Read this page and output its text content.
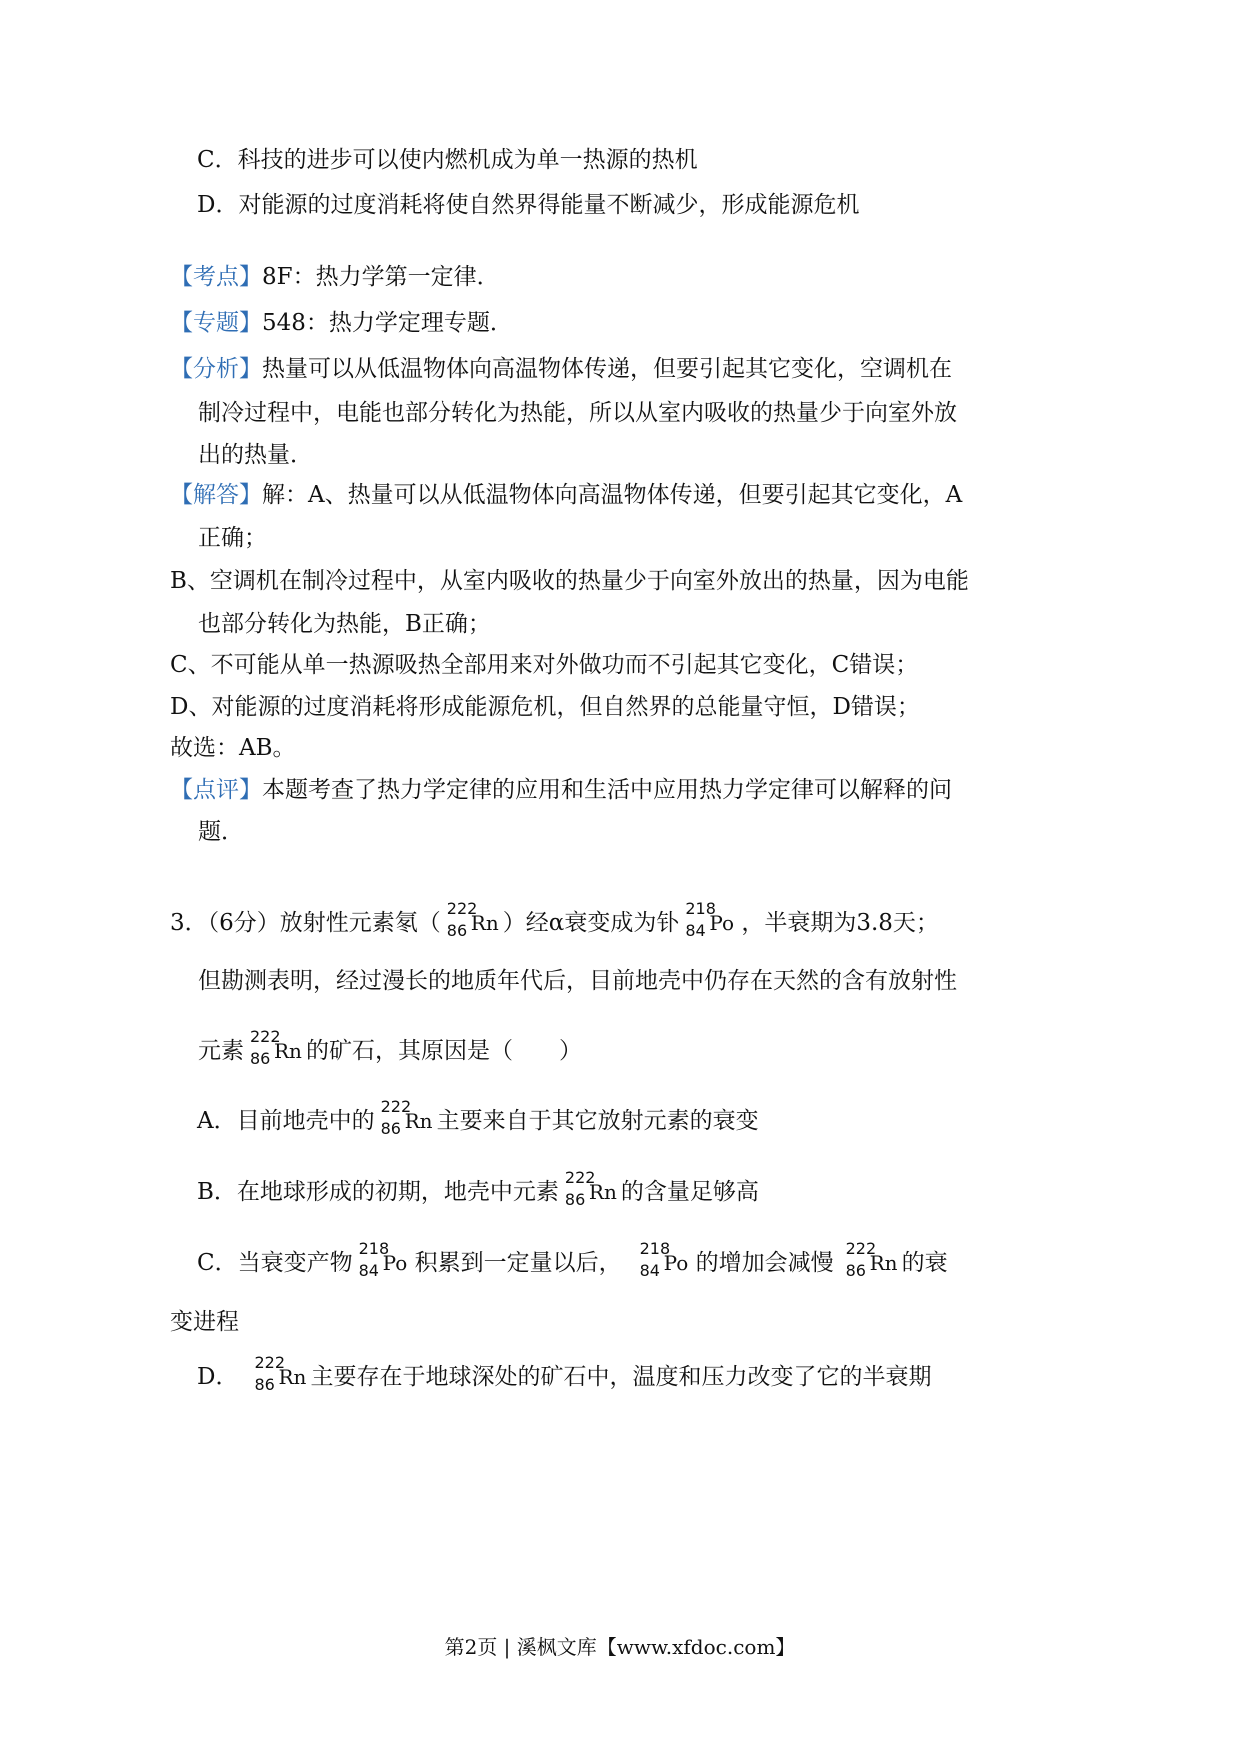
C．科技的进步可以使内燃机成为单一热源的热机
D．对能源的过度消耗将使自然界得能量不断减少，形成能源危机
【考点】8F：热力学第一定律．
【专题】548：热力学定理专题．
【分析】热量可以从低温物体向高温物体传递，但要引起其它变化，空调机在
制冷过程中，电能也部分转化为热能，所以从室内吸收的热量少于向室外放
出的热量．
【解答】解：A、热量可以从低温物体向高温物体传递，但要引起其它变化，A
正确；
B、空调机在制冷过程中，从室内吸收的热量少于向室外放出的热量，因为电能
也部分转化为热能，B正确；
C、不可能从单一热源吸热全部用来对外做功而不引起其它变化，C错误；
D、对能源的过度消耗将形成能源危机，但自然界的总能量守恒，D错误；
故选：AB。
【点评】本题考查了热力学定律的应用和生活中应用热力学定律可以解释的问
题．
3．（6分）放射性元素氡（
222
86 Rn ）经α衰变成为钋
218
84 Po ，半衰期为3.8天；
但勘测表明，经过漫长的地质年代后，目前地壳中仍存在天然的含有放射性
元素
222
86 Rn 的矿石，其原因是（　　）
A．目前地壳中的
222
86 Rn 主要来自于其它放射元素的衰变
B．在地球形成的初期，地壳中元素
222
86 Rn 的含量足够高
C．当衰变产物
218
84 Po 积累到一定量以后，
218
84 Po 的增加会减慢
222
86 Rn 的衰
变进程
D．
222
86 Rn 主要存在于地球深处的矿石中，温度和压力改变了它的半衰期
第2页 | 溪枫文库【www.xfdoc.com】
